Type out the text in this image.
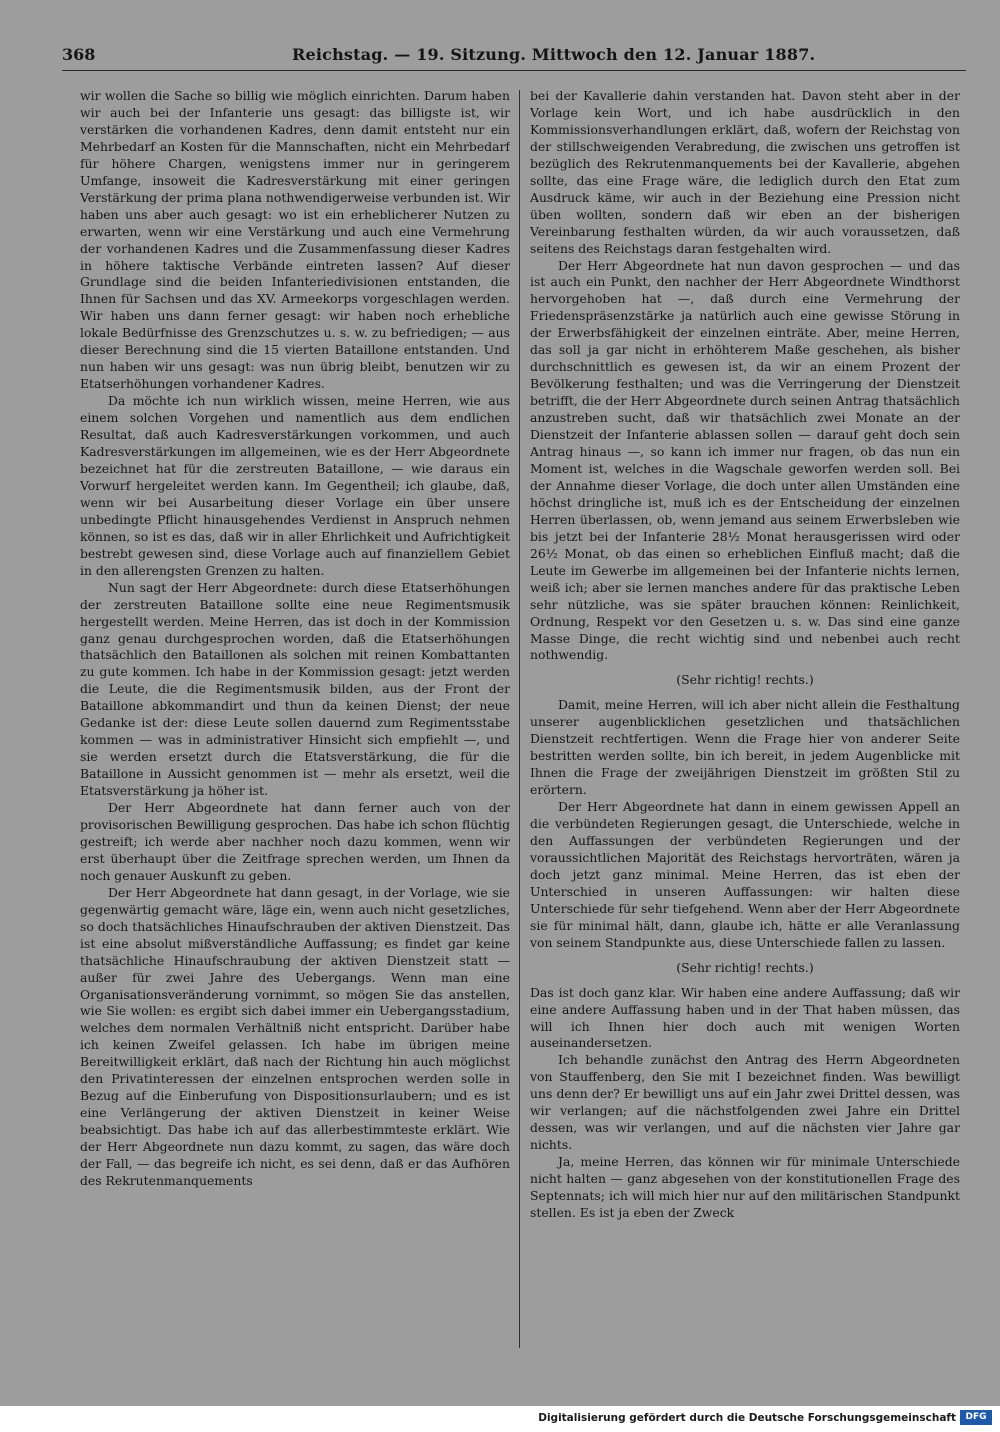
368	Reichstag. — 19. Sitzung. Mittwoch den 12. Januar 1887.

wir wollen die Sache so billig wie möglich einrichten. Darum haben wir auch bei der Infanterie uns gesagt: das billigste ist, wir verstärken die vorhandenen Kadres, denn damit entsteht nur ein Mehrbedarf an Kosten für die Mannschaften, nicht ein Mehrbedarf für höhere Chargen, wenigstens immer nur in geringerem Umfange, insoweit die Kadresverstärkung mit einer geringen Verstärkung der prima plana nothwendigerweise verbunden ist. Wir haben uns aber auch gesagt: wo ist ein erheblicherer Nutzen zu erwarten, wenn wir eine Verstärkung und auch eine Vermehrung der vorhandenen Kadres und die Zusammenfassung dieser Kadres in höhere taktische Verbände eintreten lassen? Auf dieser Grundlage sind die beiden Infanteriedivisionen entstanden, die Ihnen für Sachsen und das XV. Armeekorps vorgeschlagen werden. Wir haben uns dann ferner gesagt: wir haben noch erhebliche lokale Bedürfnisse des Grenzschutzes u. s. w. zu befriedigen; — aus dieser Berechnung sind die 15 vierten Bataillone entstanden. Und nun haben wir uns gesagt: was nun übrig bleibt, benutzen wir zu Etatserhöhungen vorhandener Kadres.

Da möchte ich nun wirklich wissen, meine Herren, wie aus einem solchen Vorgehen und namentlich aus dem endlichen Resultat, daß auch Kadresverstärkungen vorkommen, und auch Kadresverstärkungen im allgemeinen, wie es der Herr Abgeordnete bezeichnet hat für die zerstreuten Bataillone, — wie daraus ein Vorwurf hergeleitet werden kann. Im Gegentheil; ich glaube, daß, wenn wir bei Ausarbeitung dieser Vorlage ein über unsere unbedingte Pflicht hinausgehendes Verdienst in Anspruch nehmen können, so ist es das, daß wir in aller Ehrlichkeit und Aufrichtigkeit bestrebt gewesen sind, diese Vorlage auch auf finanziellem Gebiet in den allerengsten Grenzen zu halten.

Nun sagt der Herr Abgeordnete: durch diese Etatserhöhungen der zerstreuten Bataillone sollte eine neue Regimentsmusik hergestellt werden. Meine Herren, das ist doch in der Kommission ganz genau durchgesprochen worden, daß die Etatserhöhungen thatsächlich den Bataillonen als solchen mit reinen Kombattanten zu gute kommen. Ich habe in der Kommission gesagt: jetzt werden die Leute, die die Regimentsmusik bilden, aus der Front der Bataillone abkommandirt und thun da keinen Dienst; der neue Gedanke ist der: diese Leute sollen dauernd zum Regimentsstabe kommen — was in administrativer Hinsicht sich empfiehlt —, und sie werden ersetzt durch die Etatsverstärkung, die für die Bataillone in Aussicht genommen ist — mehr als ersetzt, weil die Etatsverstärkung ja höher ist.

Der Herr Abgeordnete hat dann ferner auch von der provisorischen Bewilligung gesprochen. Das habe ich schon flüchtig gestreift; ich werde aber nachher noch dazu kommen, wenn wir erst überhaupt über die Zeitfrage sprechen werden, um Ihnen da noch genauer Auskunft zu geben.

Der Herr Abgeordnete hat dann gesagt, in der Vorlage, wie sie gegenwärtig gemacht wäre, läge ein, wenn auch nicht gesetzliches, so doch thatsächliches Hinaufschrauben der aktiven Dienstzeit. Das ist eine absolut mißverständliche Auffassung; es findet gar keine thatsächliche Hinaufschraubung der aktiven Dienstzeit statt — außer für zwei Jahre des Uebergangs. Wenn man eine Organisationsveränderung vornimmt, so mögen Sie das anstellen, wie Sie wollen: es ergibt sich dabei immer ein Uebergangsstadium, welches dem normalen Verhältniß nicht entspricht. Darüber habe ich keinen Zweifel gelassen. Ich habe im übrigen meine Bereitwilligkeit erklärt, daß nach der Richtung hin auch möglichst den Privatinteressen der einzelnen entsprochen werden solle in Bezug auf die Einberufung von Dispositionsurlaubern; und es ist eine Verlängerung der aktiven Dienstzeit in keiner Weise beabsichtigt. Das habe ich auf das allerbestimmteste erklärt. Wie der Herr Abgeordnete nun dazu kommt, zu sagen, das wäre doch der Fall, — das begreife ich nicht, es sei denn, daß er das Aufhören des Rekrutenmanquements

bei der Kavallerie dahin verstanden hat. Davon steht aber in der Vorlage kein Wort, und ich habe ausdrücklich in den Kommissionsverhandlungen erklärt, daß, wofern der Reichstag von der stillschweigenden Verabredung, die zwischen uns getroffen ist bezüglich des Rekrutenmanquements bei der Kavallerie, abgehen sollte, das eine Frage wäre, die lediglich durch den Etat zum Ausdruck käme, wir auch in der Beziehung eine Pression nicht üben wollten, sondern daß wir eben an der bisherigen Vereinbarung festhalten würden, da wir auch voraussetzen, daß seitens des Reichstags daran festgehalten wird.

Der Herr Abgeordnete hat nun davon gesprochen — und das ist auch ein Punkt, den nachher der Herr Abgeordnete Windthorst hervorgehoben hat —, daß durch eine Vermehrung der Friedenspräsenzstärke ja natürlich auch eine gewisse Störung in der Erwerbsfähigkeit der einzelnen einträte. Aber, meine Herren, das soll ja gar nicht in erhöhterem Maße geschehen, als bisher durchschnittlich es gewesen ist, da wir an einem Prozent der Bevölkerung festhalten; und was die Verringerung der Dienstzeit betrifft, die der Herr Abgeordnete durch seinen Antrag thatsächlich anzustreben sucht, daß wir thatsächlich zwei Monate an der Dienstzeit der Infanterie ablassen sollen — darauf geht doch sein Antrag hinaus —, so kann ich immer nur fragen, ob das nun ein Moment ist, welches in die Wagschale geworfen werden soll. Bei der Annahme dieser Vorlage, die doch unter allen Umständen eine höchst dringliche ist, muß ich es der Entscheidung der einzelnen Herren überlassen, ob, wenn jemand aus seinem Erwerbsleben wie bis jetzt bei der Infanterie 28½ Monat herausgerissen wird oder 26½ Monat, ob das einen so erheblichen Einfluß macht; daß die Leute im Gewerbe im allgemeinen bei der Infanterie nichts lernen, weiß ich; aber sie lernen manches andere für das praktische Leben sehr nützliche, was sie später brauchen können: Reinlichkeit, Ordnung, Respekt vor den Gesetzen u. s. w. Das sind eine ganze Masse Dinge, die recht wichtig sind und nebenbei auch recht nothwendig.

(Sehr richtig! rechts.)

Damit, meine Herren, will ich aber nicht allein die Festhaltung unserer augenblicklichen gesetzlichen und thatsächlichen Dienstzeit rechtfertigen. Wenn die Frage hier von anderer Seite bestritten werden sollte, bin ich bereit, in jedem Augenblicke mit Ihnen die Frage der zweijährigen Dienstzeit im größten Stil zu erörtern.

Der Herr Abgeordnete hat dann in einem gewissen Appell an die verbündeten Regierungen gesagt, die Unterschiede, welche in den Auffassungen der verbündeten Regierungen und der voraussichtlichen Majorität des Reichstags hervorträten, wären ja doch jetzt ganz minimal. Meine Herren, das ist eben der Unterschied in unseren Auffassungen: wir halten diese Unterschiede für sehr tiefgehend. Wenn aber der Herr Abgeordnete sie für minimal hält, dann, glaube ich, hätte er alle Veranlassung von seinem Standpunkte aus, diese Unterschiede fallen zu lassen.

(Sehr richtig! rechts.)

Das ist doch ganz klar. Wir haben eine andere Auffassung; daß wir eine andere Auffassung haben und in der That haben müssen, das will ich Ihnen hier doch auch mit wenigen Worten auseinandersetzen.

Ich behandle zunächst den Antrag des Herrn Abgeordneten von Stauffenberg, den Sie mit I bezeichnet finden. Was bewilligt uns denn der? Er bewilligt uns auf ein Jahr zwei Drittel dessen, was wir verlangen; auf die nächstfolgenden zwei Jahre ein Drittel dessen, was wir verlangen, und auf die nächsten vier Jahre gar nichts.

Ja, meine Herren, das können wir für minimale Unterschiede nicht halten — ganz abgesehen von der konstitutionellen Frage des Septennats; ich will mich hier nur auf den militärischen Standpunkt stellen. Es ist ja eben der Zweck

Digitalisierung gefördert durch die Deutsche Forschungsgemeinschaft	DFG
